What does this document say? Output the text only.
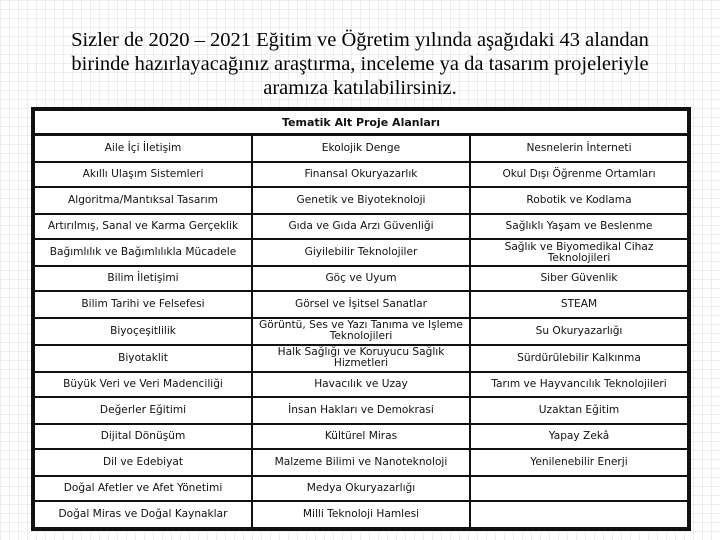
Sizler de 2020 – 2021 Eğitim ve Öğretim yılında aşağıdaki 43 alandan
birinde hazırlayacağınız araştırma, inceleme ya da tasarım projeleriyle
aramıza katılabilirsiniz.
Tematik Alt Proje Alanları		
Aile İçi İletişim	Ekolojik Denge	Nesnelerin İnterneti
Akıllı Ulaşım Sistemleri	Finansal Okuryazarlık	Okul Dışı Öğrenme Ortamları
Algoritma/Mantıksal Tasarım	Genetik ve Biyoteknoloji	Robotik ve Kodlama
Artırılmış, Sanal ve Karma Gerçeklik	Gıda ve Gıda Arzı Güvenliği	Sağlıklı Yaşam ve Beslenme
Bağımlılık ve Bağımlılıkla Mücadele	Giyilebilir Teknolojiler	Sağlık ve Biyomedikal Cihaz Teknolojileri
Bilim İletişimi	Göç ve Uyum	Siber Güvenlik
Bilim Tarihi ve Felsefesi	Görsel ve İşitsel Sanatlar	STEAM
Biyoçeşitlilik	Görüntü, Ses ve Yazı Tanıma ve İşleme Teknolojileri	Su Okuryazarlığı
Biyotaklit	Halk Sağlığı ve Koruyucu Sağlık Hizmetleri	Sürdürülebilir Kalkınma
Büyük Veri ve Veri Madenciliği	Havacılık ve Uzay	Tarım ve Hayvancılık Teknolojileri
Değerler Eğitimi	İnsan Hakları ve Demokrasi	Uzaktan Eğitim
Dijital Dönüşüm	Kültürel Miras	Yapay Zekâ
Dil ve Edebiyat	Malzeme Bilimi ve Nanoteknoloji	Yenilenebilir Enerji
Doğal Afetler ve Afet Yönetimi	Medya Okuryazarlığı	
Doğal Miras ve Doğal Kaynaklar	Milli Teknoloji Hamlesi	
